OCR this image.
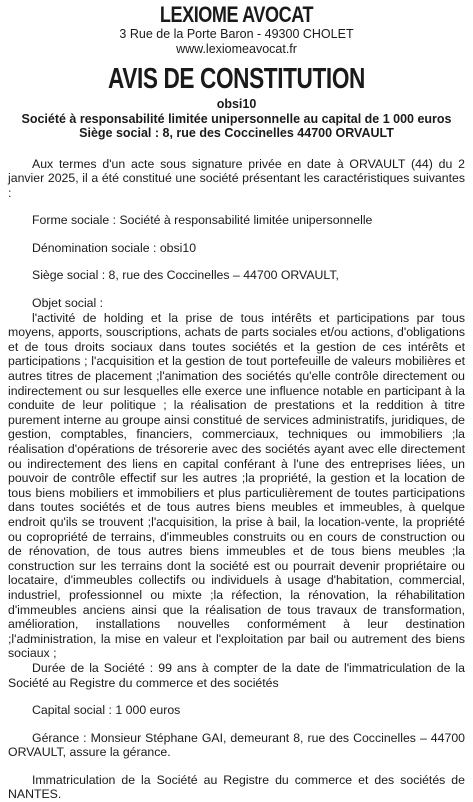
LEXIOME AVOCAT

3 Rue de la Porte Baron - 49300 CHOLET

www.lexiomeavocat.fr

AVIS DE CONSTITUTION

obsi10

Société à responsabilité limitée unipersonnelle au capital de 1 000 euros

Siège social : 8, rue des Coccinelles 44700 ORVAULT

Aux termes d'un acte sous signature privée en date à ORVAULT (44) du 2 janvier 2025, il a été constitué une société présentant les caractéristiques suivantes :

Forme sociale : Société à responsabilité limitée unipersonnelle

Dénomination sociale : obsi10

Siège social : 8, rue des Coccinelles – 44700 ORVAULT,

Objet social :

l'activité de holding et la prise de tous intérêts et participations par tous moyens, apports, souscriptions, achats de parts sociales et/ou actions, d'obligations et de tous droits sociaux dans toutes sociétés et la gestion de ces intérêts et participations ; l'acquisition et la gestion de tout portefeuille de valeurs mobilières et autres titres de placement ;l'animation des sociétés qu'elle contrôle directement ou indirectement ou sur lesquelles elle exerce une influence notable en participant à la conduite de leur politique ; la réalisation de prestations et la reddition à titre purement interne au groupe ainsi constitué de services administratifs, juridiques, de gestion, comptables, financiers, commerciaux, techniques ou immobiliers ;la réalisation d'opérations de trésorerie avec des sociétés ayant avec elle directement ou indirectement des liens en capital conférant à l'une des entreprises liées, un pouvoir de contrôle effectif sur les autres ;la propriété, la gestion et la location de tous biens mobiliers et immobiliers et plus particulièrement de toutes participations dans toutes sociétés et de tous autres biens meubles et immeubles, à quelque endroit qu'ils se trouvent ;l'acquisition, la prise à bail, la location-vente, la propriété ou copropriété de terrains, d'immeubles construits ou en cours de construction ou de rénovation, de tous autres biens immeubles et de tous biens meubles ;la construction sur les terrains dont la société est ou pourrait devenir propriétaire ou locataire, d'immeubles collectifs ou individuels à usage d'habitation, commercial, industriel, professionnel ou mixte ;la réfection, la rénovation, la réhabilitation d'immeubles anciens ainsi que la réalisation de tous travaux de transformation, amélioration, installations nouvelles conformément à leur destination ;l'administration, la mise en valeur et l'exploitation par bail ou autrement des biens sociaux ;

Durée de la Société : 99 ans à compter de la date de l'immatriculation de la Société au Registre du commerce et des sociétés

Capital social : 1 000 euros

Gérance : Monsieur Stéphane GAI, demeurant 8, rue des Coccinelles – 44700 ORVAULT, assure la gérance.

Immatriculation de la Société au Registre du commerce et des sociétés de NANTES.
